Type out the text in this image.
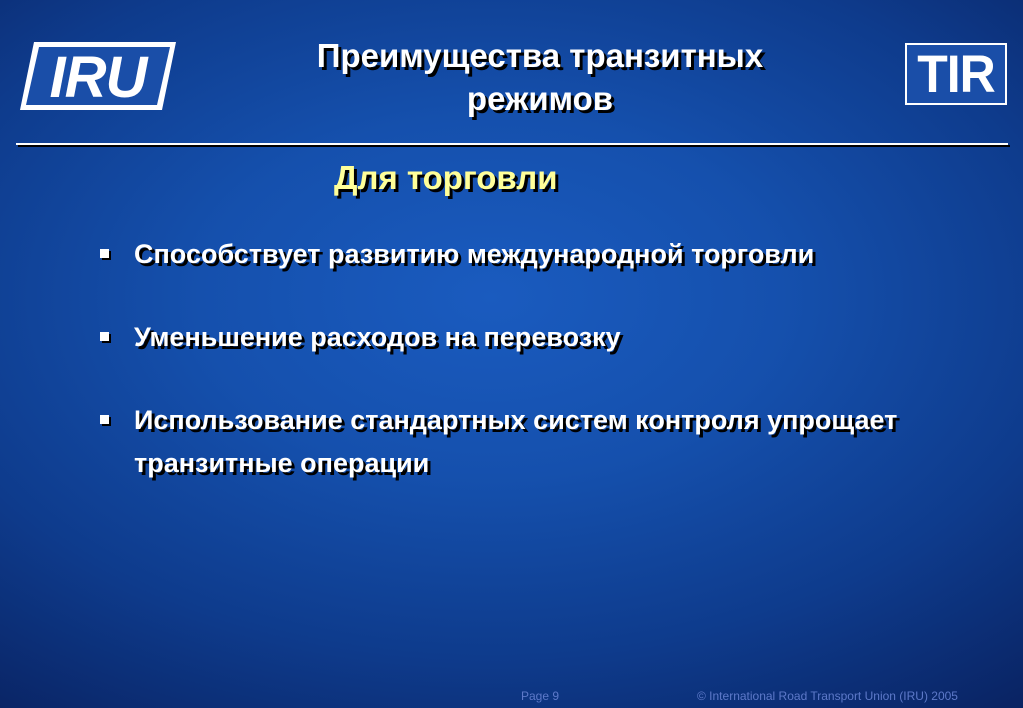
IRU	Преимущества транзитных
режимов	TIR
Для торговли
Способствует развитию международной торговли
Уменьшение расходов на перевозку
Использование стандартных систем контроля упрощает транзитные операции
Page 9	© International Road Transport Union (IRU) 2005
